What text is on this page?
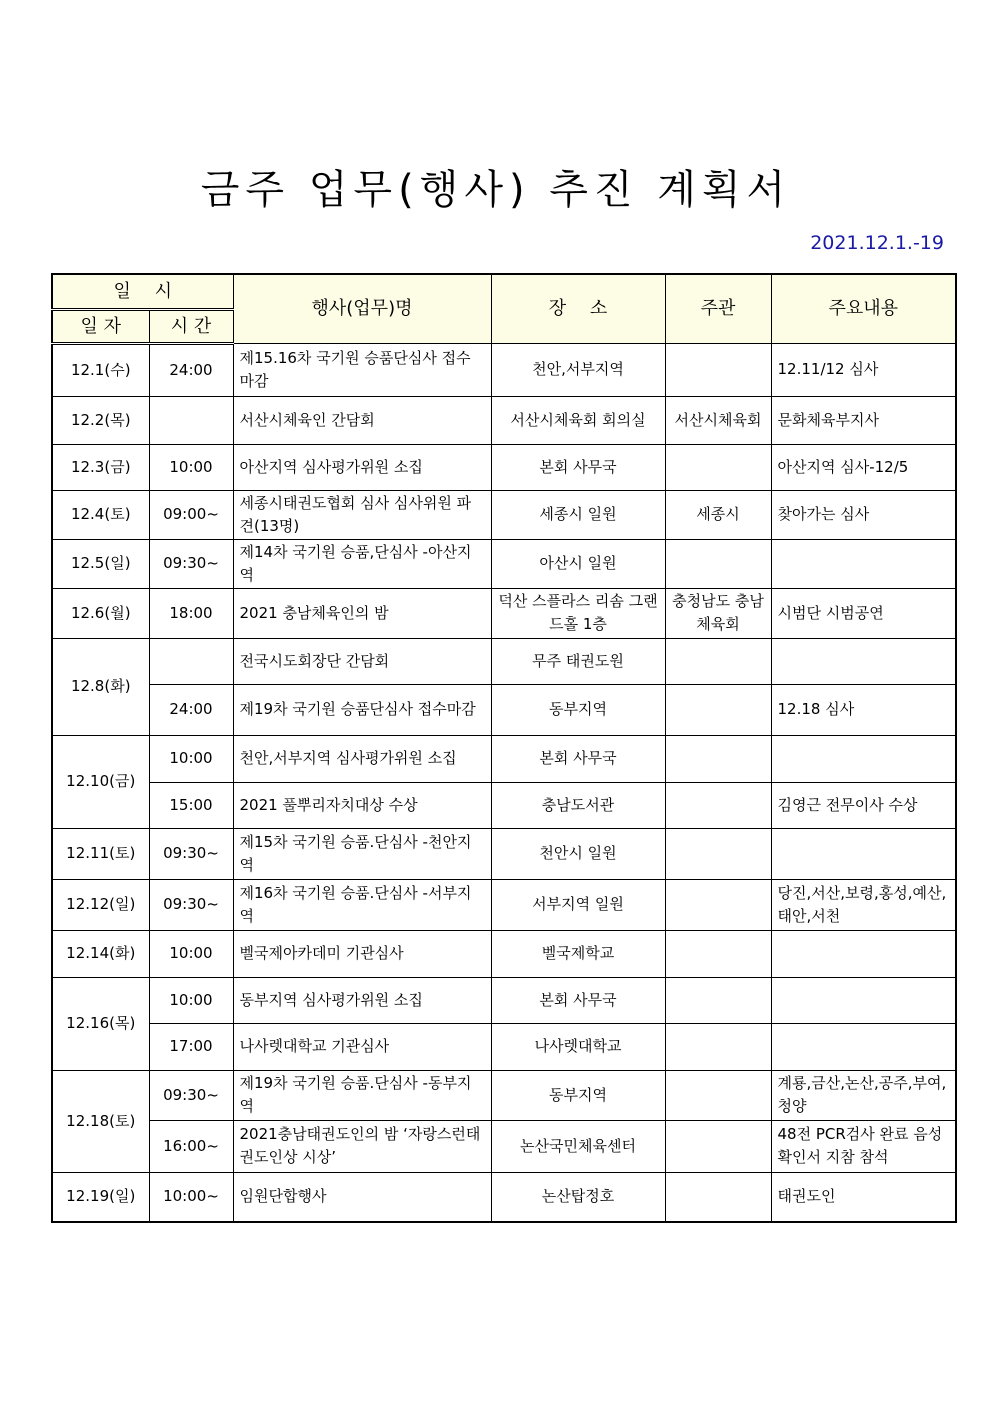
금주 업무(행사) 추진 계획서
2021.12.1.-19
일　 시		행사(업무)명	장　 소	주관	주요내용
일 자	시 간				
12.1(수)	24:00	제15.16차 국기원 승품단심사 접수 마감	천안,서부지역		12.11/12 심사
12.2(목)		서산시체육인 간담회	서산시체육회 회의실	서산시체육회	문화체육부지사
12.3(금)	10:00	아산지역 심사평가위원 소집	본회 사무국		아산지역 심사-12/5
12.4(토)	09:00~	세종시태권도협회 심사 심사위원 파견(13명)	세종시 일원	세종시	찾아가는 심사
12.5(일)	09:30~	제14차 국기원 승품,단심사 -아산지역	아산시 일원		
12.6(월)	18:00	2021 충남체육인의 밤	덕산 스플라스 리솜 그랜드홀 1층	충청남도 충남체육회	시범단 시범공연
12.8(화)		전국시도회장단 간담회	무주 태권도원		
	24:00	제19차 국기원 승품단심사 접수마감	동부지역		12.18 심사
12.10(금)	10:00	천안,서부지역 심사평가위원 소집	본회 사무국		
	15:00	2021 풀뿌리자치대상 수상	충남도서관		김영근 전무이사 수상
12.11(토)	09:30~	제15차 국기원 승품.단심사 -천안지역	천안시 일원		
12.12(일)	09:30~	제16차 국기원 승품.단심사 -서부지역	서부지역 일원		당진,서산,보령,홍성,예산,태안,서천
12.14(화)	10:00	벨국제아카데미 기관심사	벨국제학교		
12.16(목)	10:00	동부지역 심사평가위원 소집	본회 사무국		
	17:00	나사렛대학교 기관심사	나사렛대학교		
12.18(토)	09:30~	제19차 국기원 승품.단심사 -동부지역	동부지역		계룡,금산,논산,공주,부여,청양
	16:00~	2021충남태권도인의 밤 ‘자랑스런태권도인상 시상’	논산국민체육센터		48전 PCR검사 완료 음성확인서 지참 참석
12.19(일)	10:00~	임원단합행사	논산탑정호		태권도인
